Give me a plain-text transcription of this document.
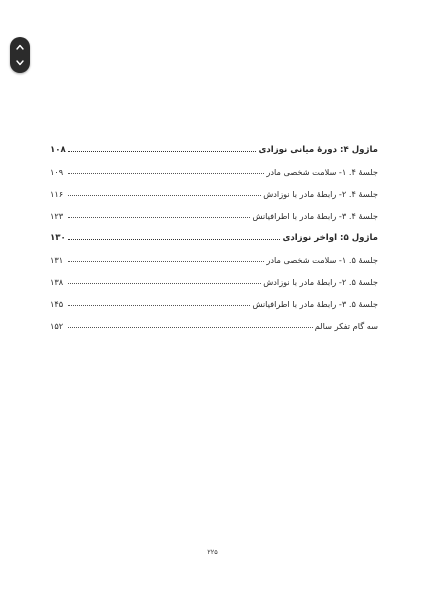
ماژول ۴: دورهٔ میانی نوزادی
۱۰۸
جلسهٔ ۴. ۱- سلامت شخصی مادر
۱۰۹
جلسهٔ ۴. ۲- رابطهٔ مادر با نوزادش
۱۱۶
جلسهٔ ۴. ۳- رابطهٔ مادر با اطرافیانش
۱۲۳
ماژول ۵: اواخر نوزادی
۱۳۰
جلسهٔ ۵. ۱- سلامت شخصی مادر
۱۳۱
جلسهٔ ۵. ۲- رابطهٔ مادر با نوزادش
۱۳۸
جلسهٔ ۵. ۳- رابطهٔ مادر با اطرافیانش
۱۴۵
سه گام تفکر سالم
۱۵۲
۲۲۵
